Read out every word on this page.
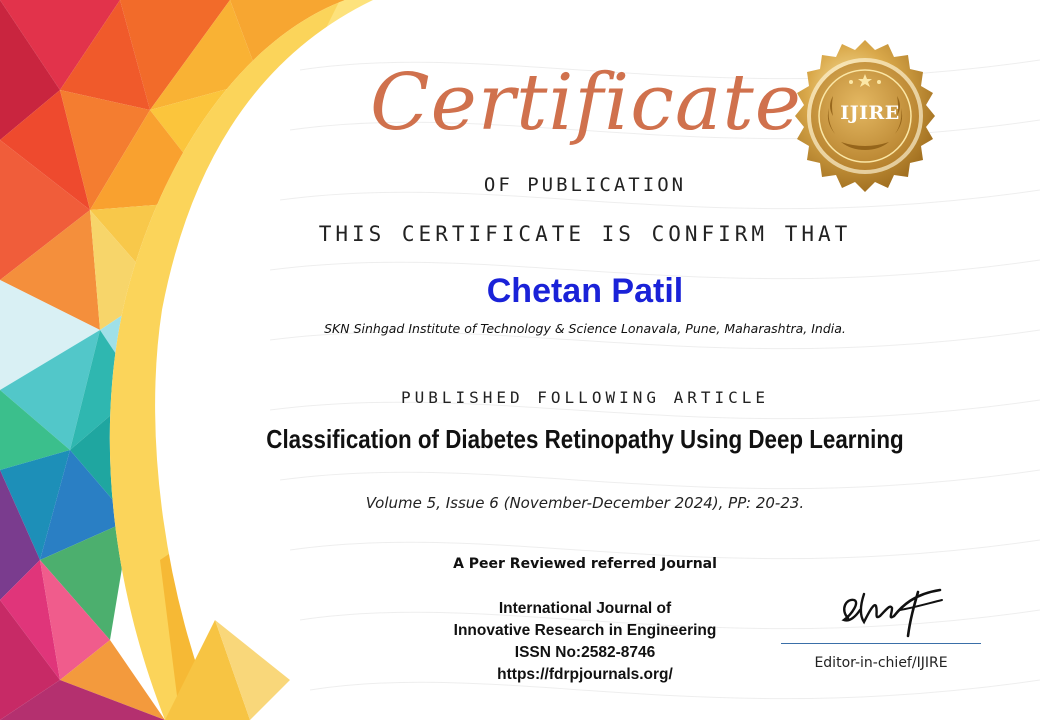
IJIRE
Certificate
OF PUBLICATION
THIS CERTIFICATE IS CONFIRM THAT
Chetan Patil
SKN Sinhgad Institute of Technology & Science Lonavala, Pune, Maharashtra, India.
PUBLISHED FOLLOWING ARTICLE
Classification of Diabetes Retinopathy Using Deep Learning
Volume 5, Issue 6 (November-December 2024), PP: 20-23.
A Peer Reviewed referred Journal
International Journal of
Innovative Research in Engineering
ISSN No:2582-8746
https://fdrpjournals.org/
Editor-in-chief/IJIRE
